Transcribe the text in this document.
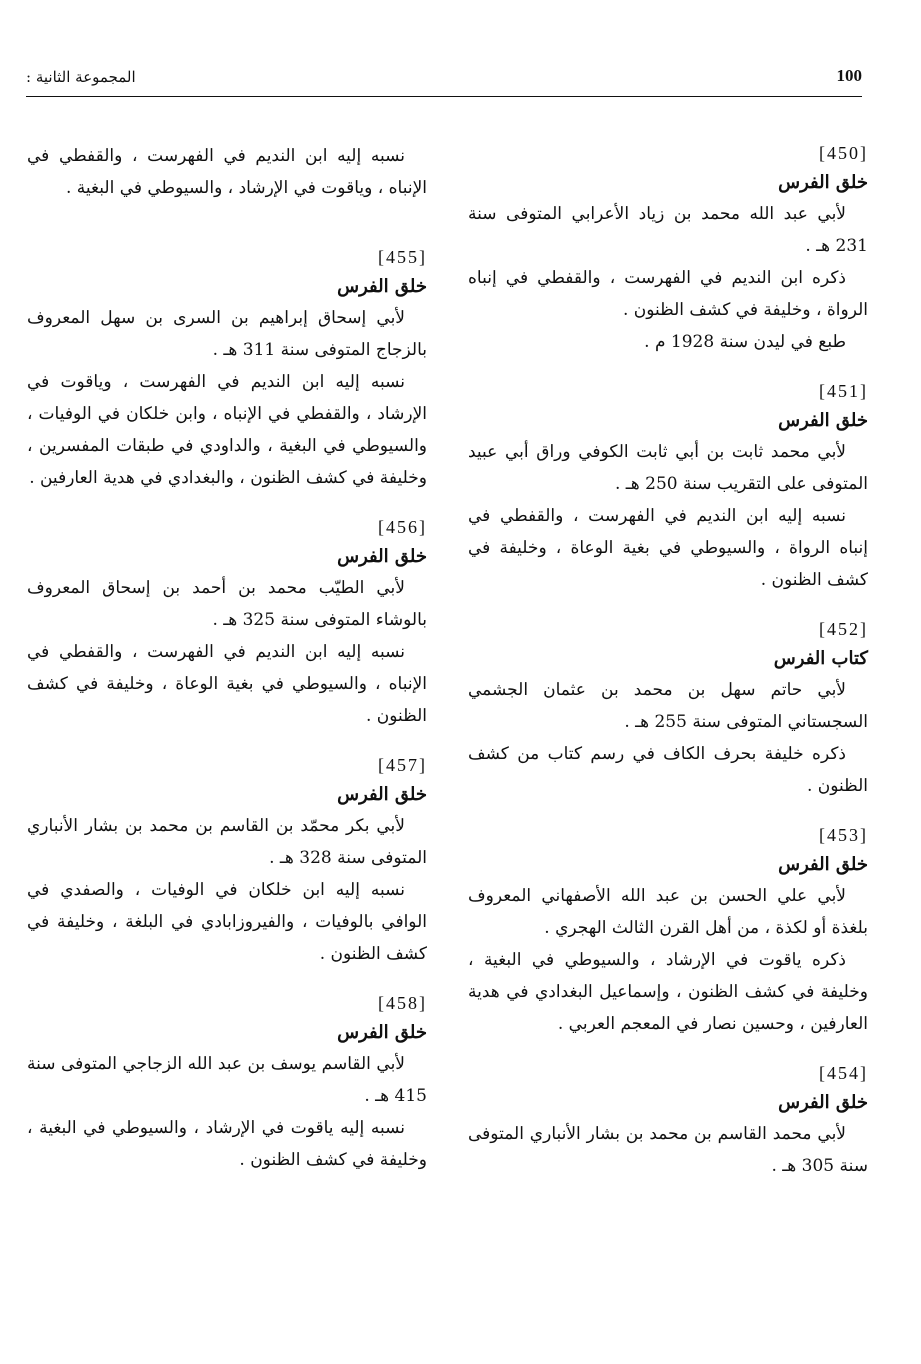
100
المجموعة الثانية :
[450]
خلق الفرس

لأبي عبد الله محمد بن زياد الأعرابي المتوفى سنة 231 هـ .

ذكره ابن النديم في الفهرست ، والقفطي في إنباه الرواة ، وخليفة في كشف الظنون .

طبع في ليدن سنة 1928 م .

[451]
خلق الفرس

لأبي محمد ثابت بن أبي ثابت الكوفي وراق أبي عبيد المتوفى على التقريب سنة 250 هـ .

نسبه إليه ابن النديم في الفهرست ، والقفطي في إنباه الرواة ، والسيوطي في بغية الوعاة ، وخليفة في كشف الظنون .

[452]
كتاب الفرس

لأبي حاتم سهل بن محمد بن عثمان الجشمي السجستاني المتوفى سنة 255 هـ .

ذكره خليفة بحرف الكاف في رسم كتاب من كشف الظنون .

[453]
خلق الفرس

لأبي علي الحسن بن عبد الله الأصفهاني المعروف بلغذة أو لكذة ، من أهل القرن الثالث الهجري .

ذكره ياقوت في الإرشاد ، والسيوطي في البغية ، وخليفة في كشف الظنون ، وإسماعيل البغدادي في هدية العارفين ، وحسين نصار في المعجم العربي .

[454]
خلق الفرس

لأبي محمد القاسم بن محمد بن بشار الأنباري المتوفى سنة 305 هـ .

نسبه إليه ابن النديم في الفهرست ، والقفطي في الإنباه ، وياقوت في الإرشاد ، والسيوطي في البغية .

[455]
خلق الفرس

لأبي إسحاق إبراهيم بن السرى بن سهل المعروف بالزجاج المتوفى سنة 311 هـ .

نسبه إليه ابن النديم في الفهرست ، وياقوت في الإرشاد ، والقفطي في الإنباه ، وابن خلكان في الوفيات ، والسيوطي في البغية ، والداودي في طبقات المفسرين ، وخليفة في كشف الظنون ، والبغدادي في هدية العارفين .

[456]
خلق الفرس

لأبي الطيّب محمد بن أحمد بن إسحاق المعروف بالوشاء المتوفى سنة 325 هـ .

نسبه إليه ابن النديم في الفهرست ، والقفطي في الإنباه ، والسيوطي في بغية الوعاة ، وخليفة في كشف الظنون .

[457]
خلق الفرس

لأبي بكر محمّد بن القاسم بن محمد بن بشار الأنباري المتوفى سنة 328 هـ .

نسبه إليه ابن خلكان في الوفيات ، والصفدي في الوافي بالوفيات ، والفيروزابادي في البلغة ، وخليفة في كشف الظنون .

[458]
خلق الفرس

لأبي القاسم يوسف بن عبد الله الزجاجي المتوفى سنة 415 هـ .

نسبه إليه ياقوت في الإرشاد ، والسيوطي في البغية ، وخليفة في كشف الظنون .
